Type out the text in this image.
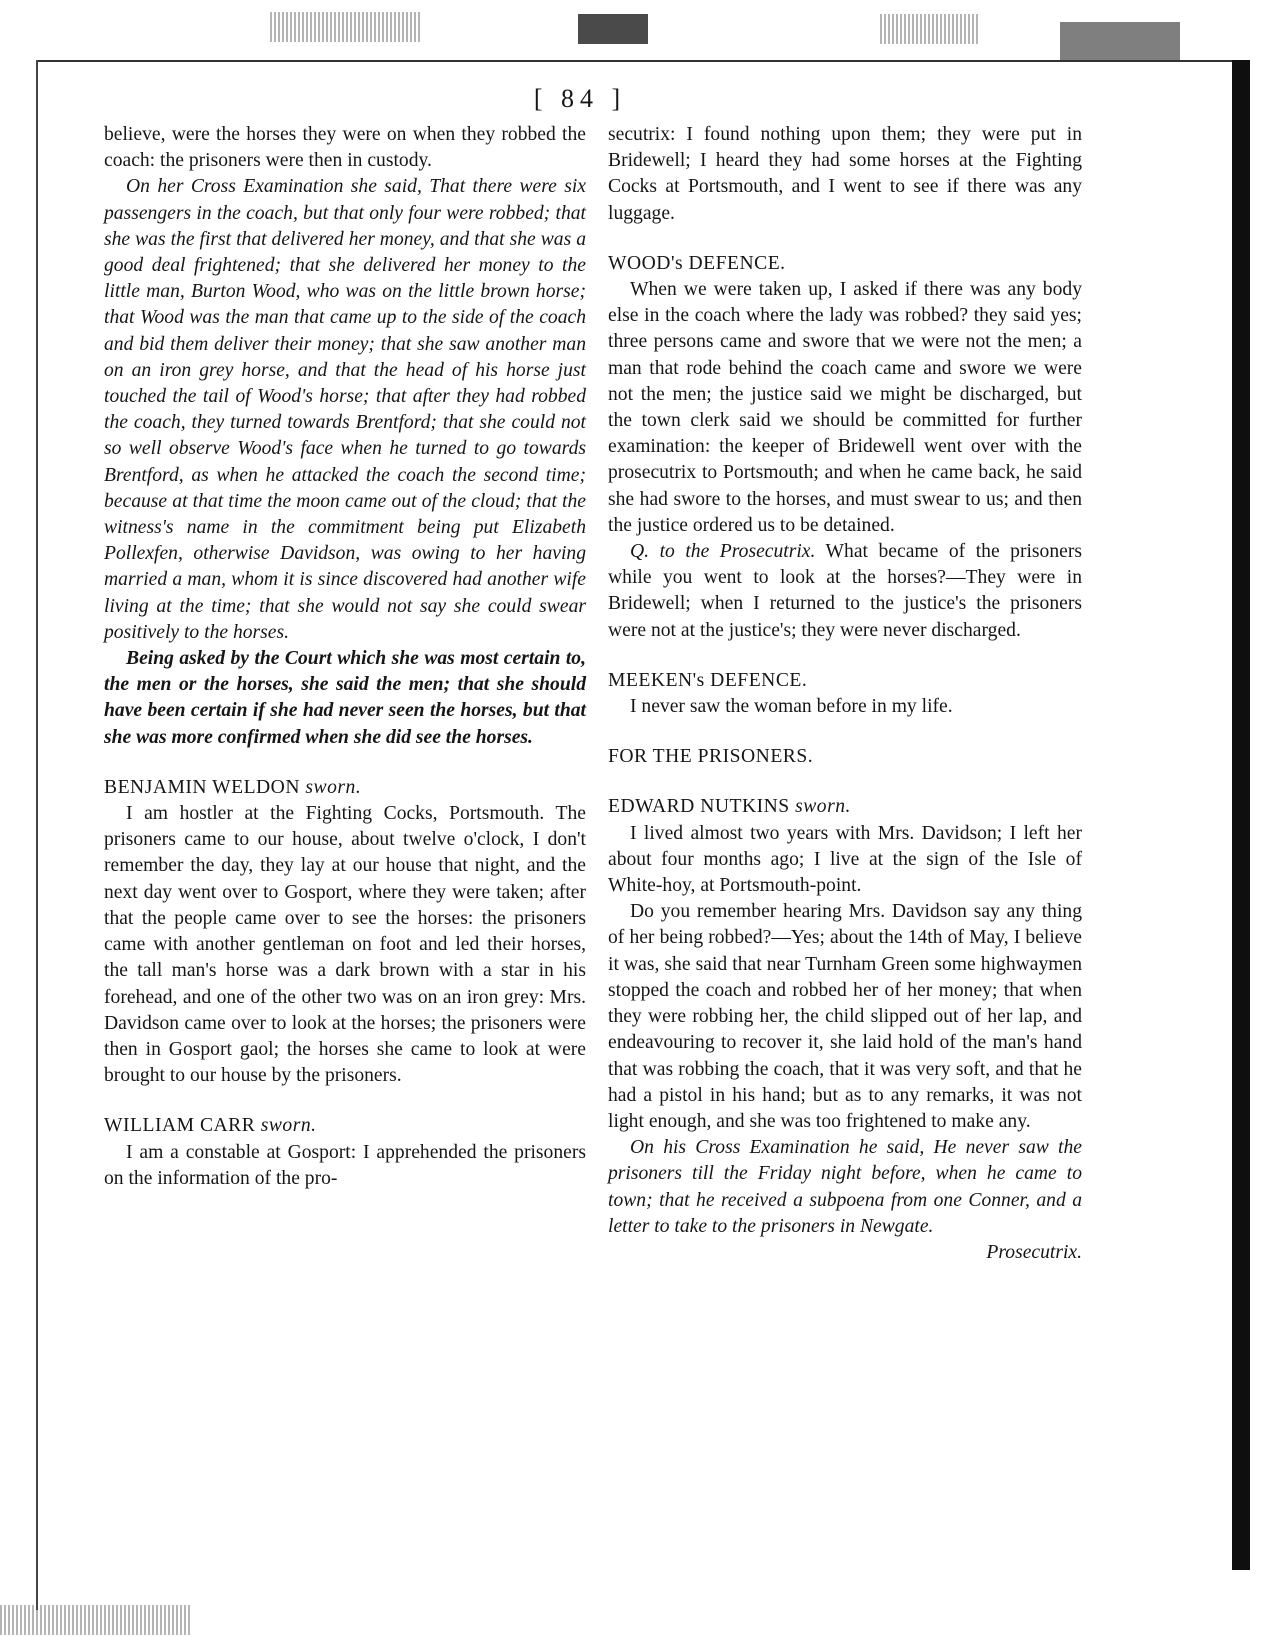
[ 84 ]

believe, were the horses they were on when they robbed the coach: the prisoners were then in custody.

On her Cross Examination she said, That there were six passengers in the coach, but that only four were robbed; that she was the first that delivered her money, and that she was a good deal frightened; that she delivered her money to the little man, Burton Wood, who was on the little brown horse; that Wood was the man that came up to the side of the coach and bid them deliver their money; that she saw another man on an iron grey horse, and that the head of his horse just touched the tail of Wood's horse; that after they had robbed the coach, they turned towards Brentford; that she could not so well observe Wood's face when he turned to go towards Brentford, as when he attacked the coach the second time; because at that time the moon came out of the cloud; that the witness's name in the commitment being put Elizabeth Pollexfen, otherwise Davidson, was owing to her having married a man, whom it is since discovered had another wife living at the time; that she would not say she could swear positively to the horses.

Being asked by the Court which she was most certain to, the men or the horses, she said the men; that she should have been certain if she had never seen the horses, but that she was more confirmed when she did see the horses.

BENJAMIN WELDON sworn.

I am hostler at the Fighting Cocks, Portsmouth. The prisoners came to our house, about twelve o'clock, I don't remember the day, they lay at our house that night, and the next day went over to Gosport, where they were taken; after that the people came over to see the horses: the prisoners came with another gentleman on foot and led their horses, the tall man's horse was a dark brown with a star in his forehead, and one of the other two was on an iron grey: Mrs. Davidson came over to look at the horses; the prisoners were then in Gosport gaol; the horses she came to look at were brought to our house by the prisoners.

WILLIAM CARR sworn.

I am a constable at Gosport: I apprehended the prisoners on the information of the pro-

secutrix: I found nothing upon them; they were put in Bridewell; I heard they had some horses at the Fighting Cocks at Portsmouth, and I went to see if there was any luggage.

WOOD's DEFENCE.

When we were taken up, I asked if there was any body else in the coach where the lady was robbed? they said yes; three persons came and swore that we were not the men; a man that rode behind the coach came and swore we were not the men; the justice said we might be discharged, but the town clerk said we should be committed for further examination: the keeper of Bridewell went over with the prosecutrix to Portsmouth; and when he came back, he said she had swore to the horses, and must swear to us; and then the justice ordered us to be detained.

Q. to the Prosecutrix. What became of the prisoners while you went to look at the horses?—They were in Bridewell; when I returned to the justice's the prisoners were not at the justice's; they were never discharged.

MEEKEN's DEFENCE.

I never saw the woman before in my life.

FOR THE PRISONERS.

EDWARD NUTKINS sworn.

I lived almost two years with Mrs. Davidson; I left her about four months ago; I live at the sign of the Isle of White-hoy, at Portsmouth-point.

Do you remember hearing Mrs. Davidson say any thing of her being robbed?—Yes; about the 14th of May, I believe it was, she said that near Turnham Green some highwaymen stopped the coach and robbed her of her money; that when they were robbing her, the child slipped out of her lap, and endeavouring to recover it, she laid hold of the man's hand that was robbing the coach, that it was very soft, and that he had a pistol in his hand; but as to any remarks, it was not light enough, and she was too frightened to make any.

On his Cross Examination he said, He never saw the prisoners till the Friday night before, when he came to town; that he received a subpoena from one Conner, and a letter to take to the prisoners in Newgate.

Prosecutrix.
